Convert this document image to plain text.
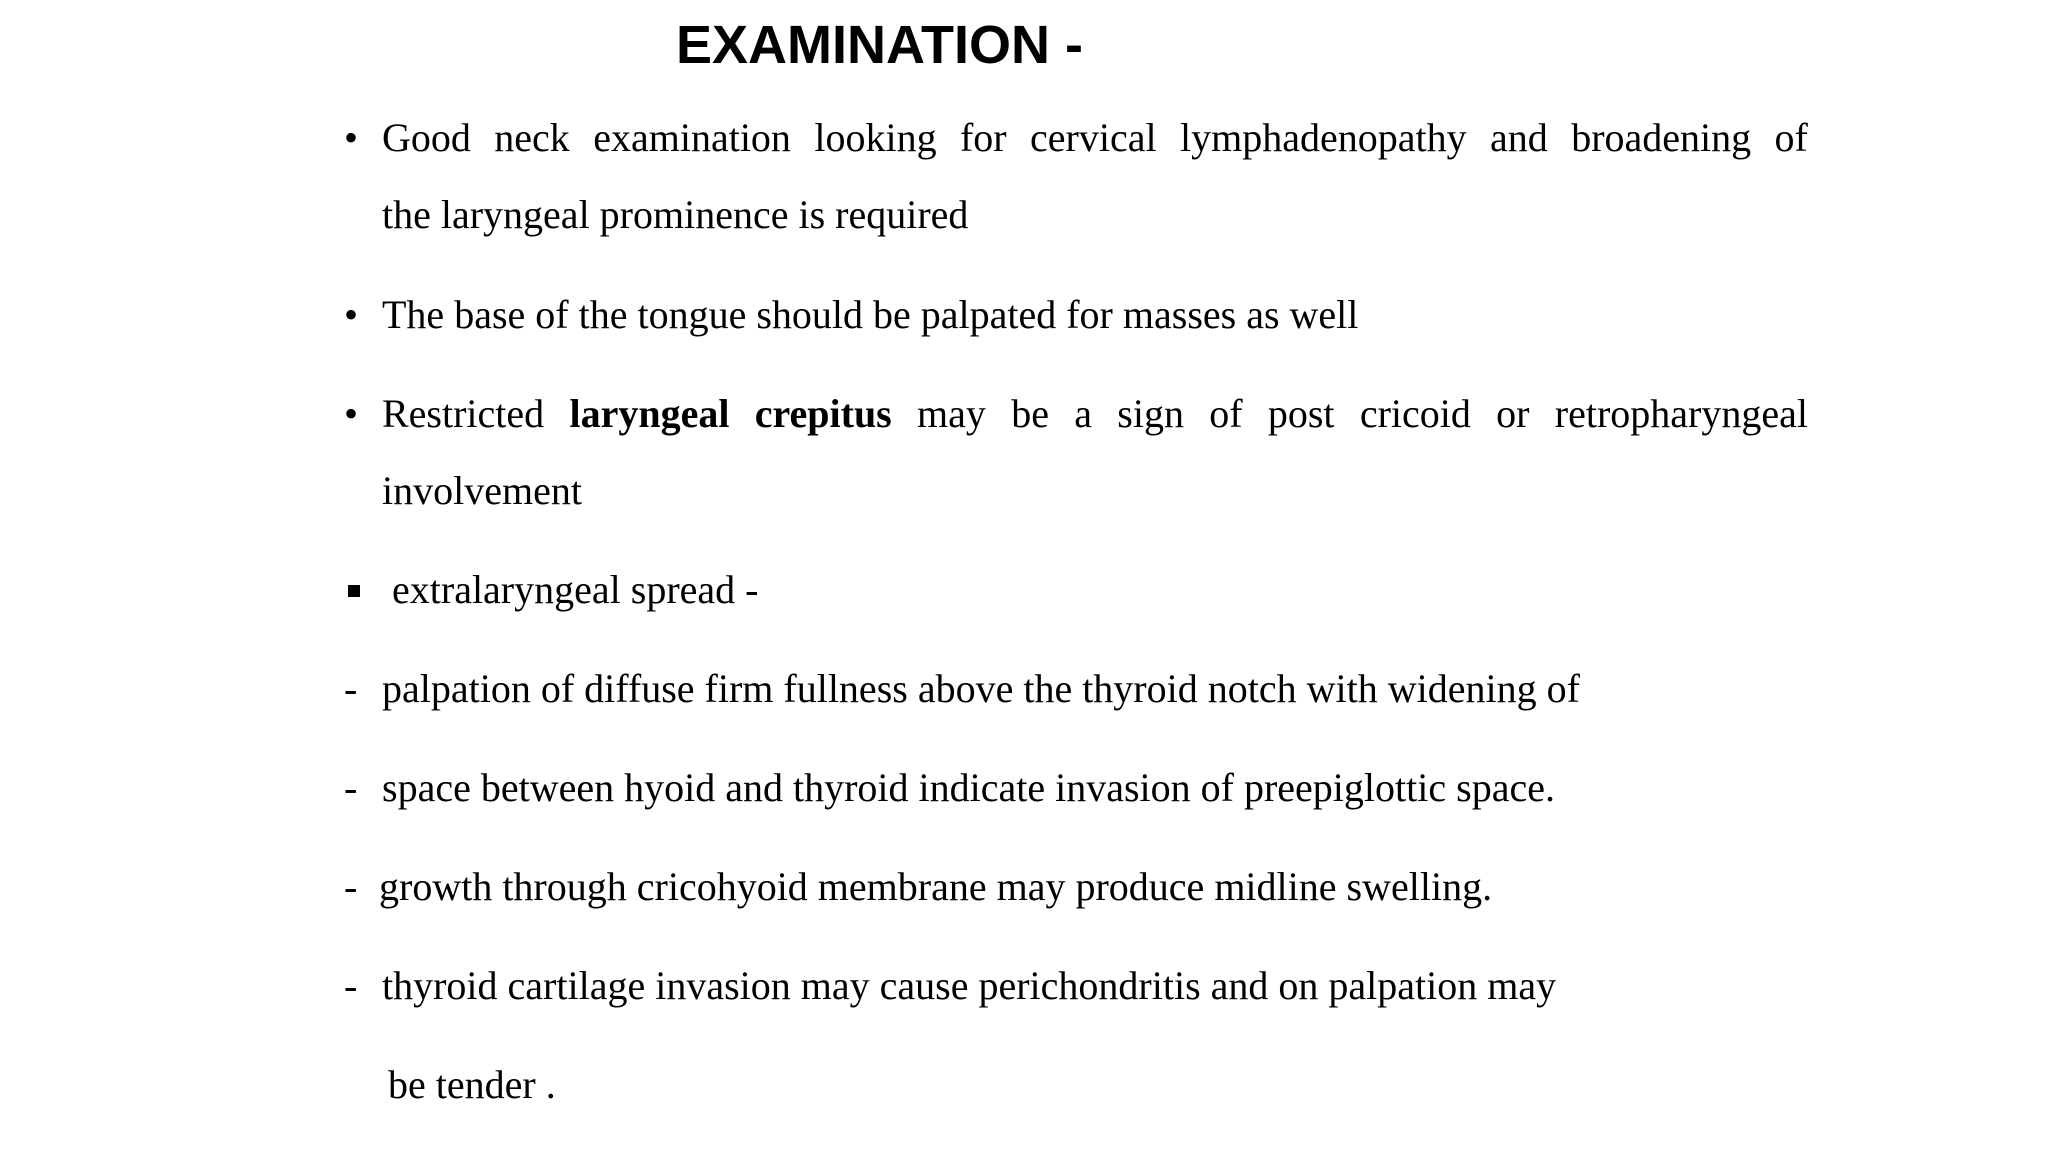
EXAMINATION -
• Good neck examination looking for cervical lymphadenopathy and broadening of
the laryngeal prominence is required
• The base of the tongue should be palpated for masses as well
• Restricted laryngeal crepitus may be a sign of post cricoid or retropharyngeal
involvement
extralaryngeal spread -
- palpation of diffuse firm fullness above the thyroid notch with widening of
- space between hyoid and thyroid indicate invasion of preepiglottic space.
- growth through cricohyoid membrane may produce midline swelling.
- thyroid cartilage invasion may cause perichondritis and on palpation may
be tender .
